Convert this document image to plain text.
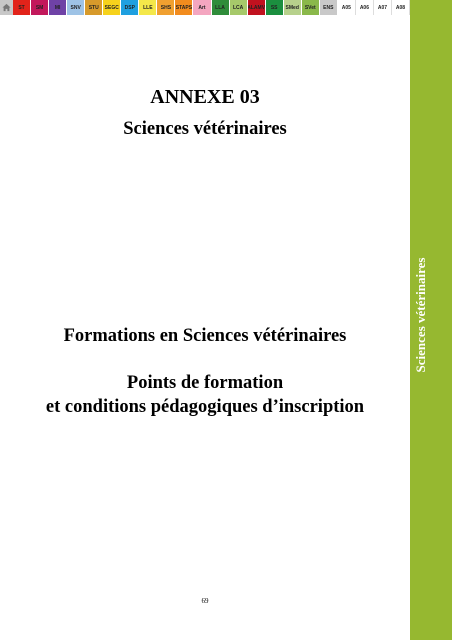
ST	SM	MI	SNV	STU	SEGC	DSP	LLE	SHS STAPS	Art	LLA	LCA ALAMV	SS	SMed	SVet	ENS	A05	A06	A07	A08
Sciences vétérinaires
ANNEXE 03
Sciences vétérinaires
Formations en Sciences vétérinaires
Points de formation
et conditions pédagogiques d’inscription
69
